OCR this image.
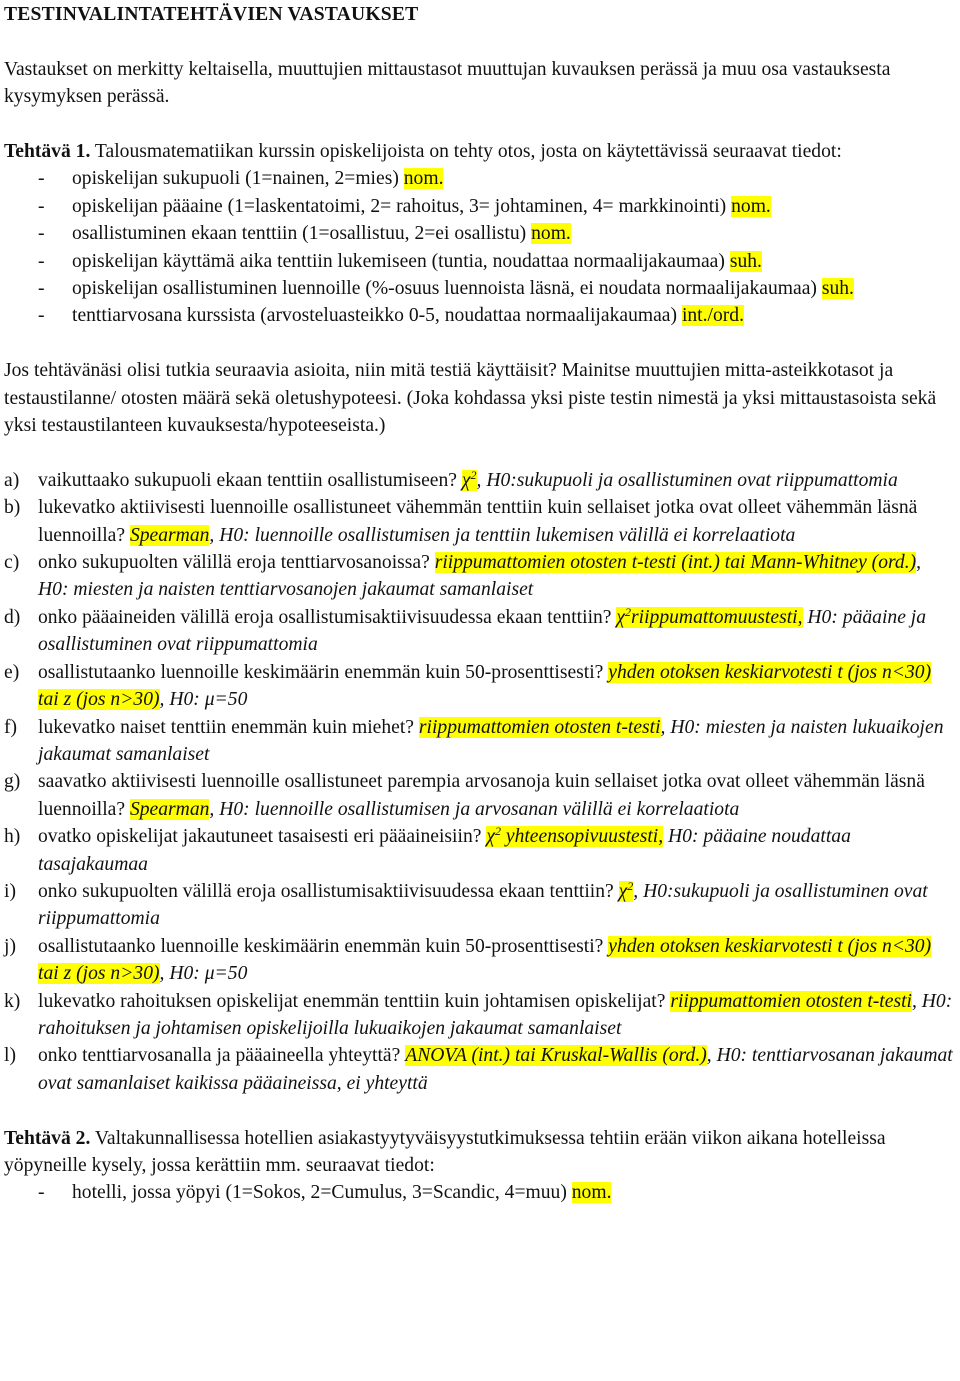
TESTINVALINTATEHTÄVIEN VASTAUKSET

Vastaukset on merkitty keltaisella, muuttujien mittaustasot muuttujan kuvauksen perässä ja muu osa vastauksesta kysymyksen perässä.

Tehtävä 1. Talousmatematiikan kurssin opiskelijoista on tehty otos, josta on käytettävissä seuraavat tiedot:

-	opiskelijan sukupuoli (1=nainen, 2=mies) nom.
-	opiskelijan pääaine (1=laskentatoimi, 2= rahoitus, 3= johtaminen, 4= markkinointi) nom.
-	osallistuminen ekaan tenttiin (1=osallistuu, 2=ei osallistu) nom.
-	opiskelijan käyttämä aika tenttiin lukemiseen (tuntia, noudattaa normaalijakaumaa) suh.
-	opiskelijan osallistuminen luennoille (%-osuus luennoista läsnä, ei noudata normaalijakaumaa) suh.
-	tenttiarvosana kurssista (arvosteluasteikko 0-5, noudattaa normaalijakaumaa) int./ord.

Jos tehtävänäsi olisi tutkia seuraavia asioita, niin mitä testiä käyttäisit? Mainitse muuttujien mitta-asteikkotasot ja testaustilanne/ otosten määrä sekä oletushypoteesi. (Joka kohdassa yksi piste testin nimestä ja yksi mittaustasoista sekä yksi testaustilanteen kuvauksesta/hypoteeseista.)

a) vaikuttaako sukupuoli ekaan tenttiin osallistumiseen? $\chi^2$, H0:sukupuoli ja osallistuminen ovat riippumattomia
b) lukevatko aktiivisesti luennoille osallistuneet vähemmän tenttiin kuin sellaiset jotka ovat olleet vähemmän läsnä luennoilla? Spearman, H0: luennoille osallistumisen ja tenttiin lukemisen välillä ei korrelaatiota
c) onko sukupuolten välillä eroja tenttiarvosanoissa? riippumattomien otosten t-testi (int.) tai Mann-Whitney (ord.), H0: miesten ja naisten tenttiarvosanojen jakaumat samanlaiset
d) onko pääaineiden välillä eroja osallistumisaktiivisuudessa ekaan tenttiin? $\chi^2riippumattomuustesti$, H0: pääaine ja osallistuminen ovat riippumattomia
e) osallistutaanko luennoille keskimäärin enemmän kuin 50-prosenttisesti? yhden otoksen keskiarvotesti t (jos n<30) tai z (jos n>30), H0: μ=50
f)	lukevatko naiset tenttiin enemmän kuin miehet? riippumattomien otosten t-testi, H0: miesten ja naisten lukuaikojen jakaumat samanlaiset
g) saavatko aktiivisesti luennoille osallistuneet parempia arvosanoja kuin sellaiset jotka ovat olleet vähemmän läsnä luennoilla? Spearman, H0: luennoille osallistumisen ja arvosanan välillä ei korrelaatiota
h) ovatko opiskelijat jakautuneet tasaisesti eri pääaineisiin? $\chi^2$ yhteensopivuustesti, H0: pääaine noudattaa tasajakaumaa
i)	onko sukupuolten välillä eroja osallistumisaktiivisuudessa ekaan tenttiin? $\chi^2$, H0:sukupuoli ja osallistuminen ovat riippumattomia
j)	osallistutaanko luennoille keskimäärin enemmän kuin 50-prosenttisesti? yhden otoksen keskiarvotesti t (jos n<30) tai z (jos n>30), H0: μ=50
k) lukevatko rahoituksen opiskelijat enemmän tenttiin kuin johtamisen opiskelijat? riippumattomien otosten t-testi, H0: rahoituksen ja johtamisen opiskelijoilla lukuaikojen jakaumat samanlaiset
l)	onko tenttiarvosanalla ja pääaineella yhteyttä? ANOVA (int.) tai Kruskal-Wallis (ord.), H0: tenttiarvosanan jakaumat ovat samanlaiset kaikissa pääaineissa, ei yhteyttä

Tehtävä 2. Valtakunnallisessa hotellien asiakastyytyväisyystutkimuksessa tehtiin erään viikon aikana hotelleissa yöpyneille kysely, jossa kerättiin mm. seuraavat tiedot:

-	hotelli, jossa yöpyi (1=Sokos, 2=Cumulus, 3=Scandic, 4=muu) nom.
